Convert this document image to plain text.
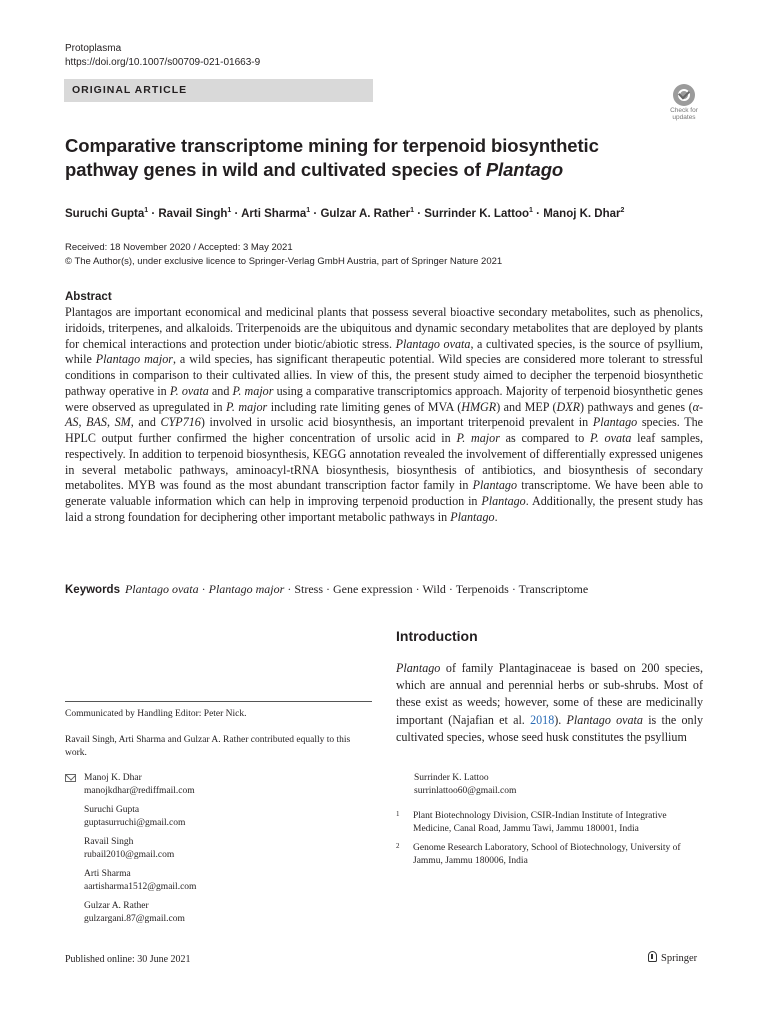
Protoplasma
https://doi.org/10.1007/s00709-021-01663-9
ORIGINAL ARTICLE
Check for updates
Comparative transcriptome mining for terpenoid biosynthetic pathway genes in wild and cultivated species of Plantago
Suruchi Gupta$^1$ · Ravail Singh$^1$ · Arti Sharma$^1$ · Gulzar A. Rather$^1$ · Surrinder K. Lattoo$^1$ · Manoj K. Dhar$^2$
Received: 18 November 2020 / Accepted: 3 May 2021
© The Author(s), under exclusive licence to Springer-Verlag GmbH Austria, part of Springer Nature 2021
Abstract
Plantagos are important economical and medicinal plants that possess several bioactive secondary metabolites, such as phenolics, iridoids, triterpenes, and alkaloids. Triterpenoids are the ubiquitous and dynamic secondary metabolites that are deployed by plants for chemical interactions and protection under biotic/abiotic stress. Plantago ovata, a cultivated species, is the source of psyllium, while Plantago major, a wild species, has significant therapeutic potential. Wild species are considered more tolerant to stressful conditions in comparison to their cultivated allies. In view of this, the present study aimed to decipher the terpenoid biosynthetic pathway operative in P. ovata and P. major using a comparative transcriptomics approach. Majority of terpenoid biosynthetic genes were observed as upregulated in P. major including rate limiting genes of MVA (HMGR) and MEP (DXR) pathways and genes (α-AS, BAS, SM, and CYP716) involved in ursolic acid biosynthesis, an important triterpenoid prevalent in Plantago species. The HPLC output further confirmed the higher concentration of ursolic acid in P. major as compared to P. ovata leaf samples, respectively. In addition to terpenoid biosynthesis, KEGG annotation revealed the involvement of differentially expressed unigenes in several metabolic pathways, aminoacyl-tRNA biosynthesis, biosynthesis of antibiotics, and biosynthesis of secondary metabolites. MYB was found as the most abundant transcription factor family in Plantago transcriptome. We have been able to generate valuable information which can help in improving terpenoid production in Plantago. Additionally, the present study has laid a strong foundation for deciphering other important metabolic pathways in Plantago.
Keywords Plantago ovata · Plantago major · Stress · Gene expression · Wild · Terpenoids · Transcriptome
Introduction
Plantago of family Plantaginaceae is based on 200 species, which are annual and perennial herbs or sub-shrubs. Most of these exist as weeds; however, some of these are medicinally important (Najafian et al. 2018). Plantago ovata is the only cultivated species, whose seed husk constitutes the psyllium
Communicated by Handling Editor: Peter Nick.
Ravail Singh, Arti Sharma and Gulzar A. Rather contributed equally to this work.
Manoj K. Dhar
manojkdhar@rediffmail.com
Suruchi Gupta
guptasurruchi@gmail.com
Ravail Singh
rubail2010@gmail.com
Arti Sharma
aartisharma1512@gmail.com
Gulzar A. Rather
gulzargani.87@gmail.com
Surrinder K. Lattoo
surrinlattoo60@gmail.com
1 Plant Biotechnology Division, CSIR-Indian Institute of Integrative Medicine, Canal Road, Jammu Tawi, Jammu 180001, India
2 Genome Research Laboratory, School of Biotechnology, University of Jammu, Jammu 180006, India
Published online: 30 June 2021	Springer
